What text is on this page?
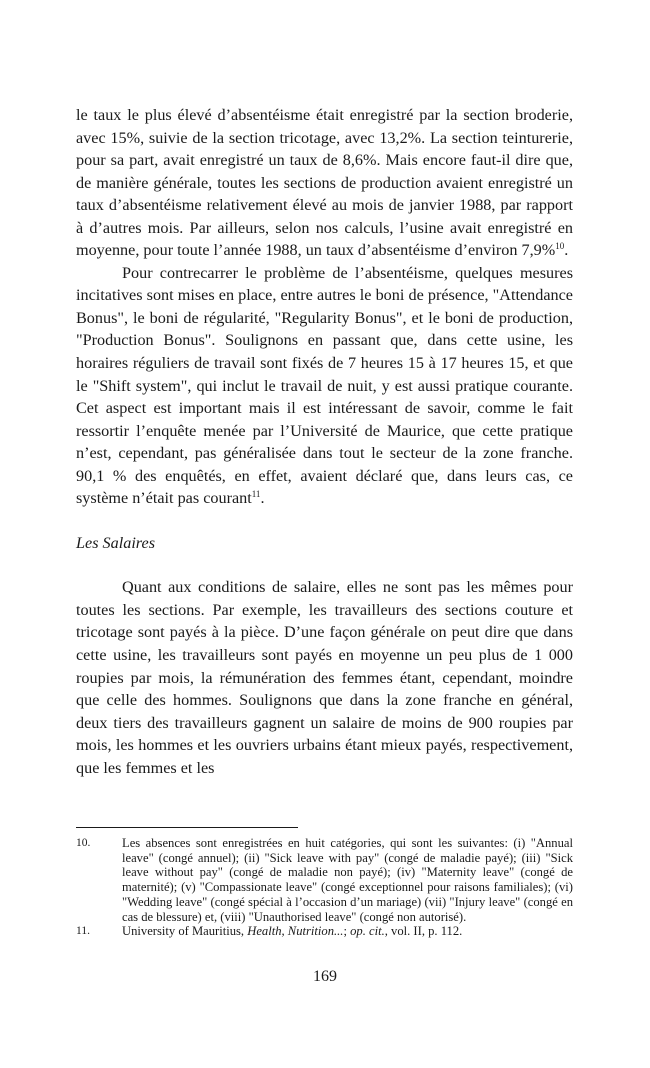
le taux le plus élevé d’absentéisme était enregistré par la section broderie, avec 15%, suivie de la section tricotage, avec 13,2%. La section teinturerie, pour sa part, avait enregistré un taux de 8,6%. Mais encore faut-il dire que, de manière générale, toutes les sections de production avaient enregistré un taux d’absentéisme relativement élevé au mois de janvier 1988, par rapport à d’autres mois. Par ailleurs, selon nos calculs, l’usine avait enregistré en moyenne, pour toute l’année 1988, un taux d’absentéisme d’environ 7,9%$^{10}$.

Pour contrecarrer le problème de l’absentéisme, quelques mesures incitatives sont mises en place, entre autres le boni de présence, "Attendance Bonus", le boni de régularité, "Regularity Bonus", et le boni de production, "Production Bonus". Soulignons en passant que, dans cette usine, les horaires réguliers de travail sont fixés de 7 heures 15 à 17 heures 15, et que le "Shift system", qui inclut le travail de nuit, y est aussi pratique courante. Cet aspect est important mais il est intéressant de savoir, comme le fait ressortir l’enquête menée par l’Université de Maurice, que cette pratique n’est, cependant, pas généralisée dans tout le secteur de la zone franche. 90,1 % des enquêtés, en effet, avaient déclaré que, dans leurs cas, ce système n’était pas courant$^{11}$.

Les Salaires

Quant aux conditions de salaire, elles ne sont pas les mêmes pour toutes les sections. Par exemple, les travailleurs des sections couture et tricotage sont payés à la pièce. D’une façon générale on peut dire que dans cette usine, les travailleurs sont payés en moyenne un peu plus de 1 000 roupies par mois, la rémunération des femmes étant, cependant, moindre que celle des hommes. Soulignons que dans la zone franche en général, deux tiers des travailleurs gagnent un salaire de moins de 900 roupies par mois, les hommes et les ouvriers urbains étant mieux payés, respectivement, que les femmes et les

10.	Les absences sont enregistrées en huit catégories, qui sont les suivantes: (i) "Annual leave" (congé annuel); (ii) "Sick leave with pay" (congé de maladie payé); (iii) "Sick leave without pay" (congé de maladie non payé); (iv) "Maternity leave" (congé de maternité); (v) "Compassionate leave" (congé exceptionnel pour raisons familiales); (vi) "Wedding leave" (congé spécial à l’occasion d’un mariage) (vii) "Injury leave" (congé en cas de blessure) et, (viii) "Unauthorised leave" (congé non autorisé).

11.	University of Mauritius, Health, Nutrition...; op. cit., vol. II, p. 112.

169
